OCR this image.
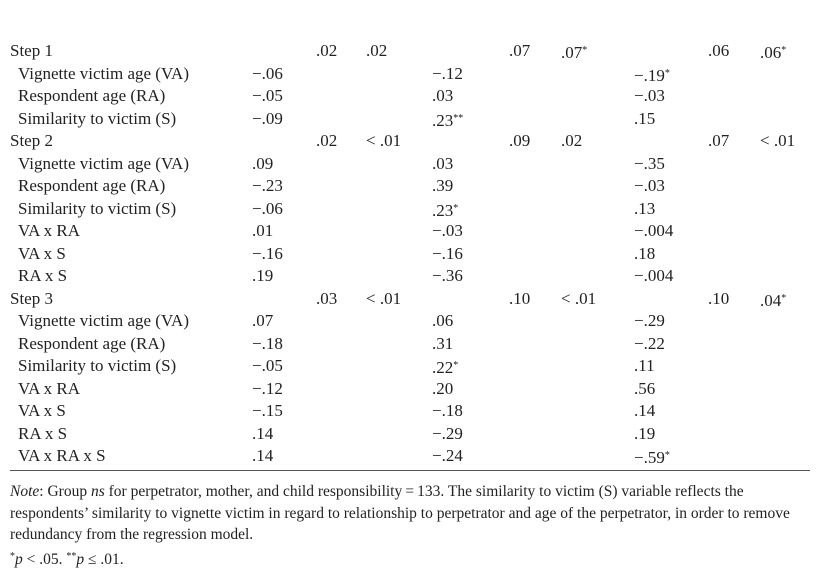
Step 1	.02 .02	.07 .07*	.06 .06*
Vignette victim age (VA)	−.06	−.12	−.19*
Respondent age (RA)	−.05	.03	−.03
Similarity to victim (S)	−.09	.23**	.15
Step 2	.02 < .01	.09 .02	.07 < .01
Vignette victim age (VA)	.09	.03	−.35
Respondent age (RA)	−.23	.39	−.03
Similarity to victim (S)	−.06	.23*	.13
VA x RA	.01	−.03	−.004
VA x S	−.16	−.16	.18
RA x S	.19	−.36	−.004
Step 3	.03 < .01	.10 < .01	.10 .04*
Vignette victim age (VA)	.07	.06	−.29
Respondent age (RA)	−.18	.31	−.22
Similarity to victim (S)	−.05	.22*	.11
VA x RA	−.12	.20	.56
VA x S	−.15	−.18	.14
RA x S	.14	−.29	.19
VA x RA x S	.14	−.24	−.59*
Note: Group ns for perpetrator, mother, and child responsibility = 133. The similarity to victim (S) variable reflects the respondents’ similarity to vignette victim in regard to relationship to perpetrator and age of the perpetrator, in order to remove redundancy from the regression model.
*p < .05. **p ≤ .01.
